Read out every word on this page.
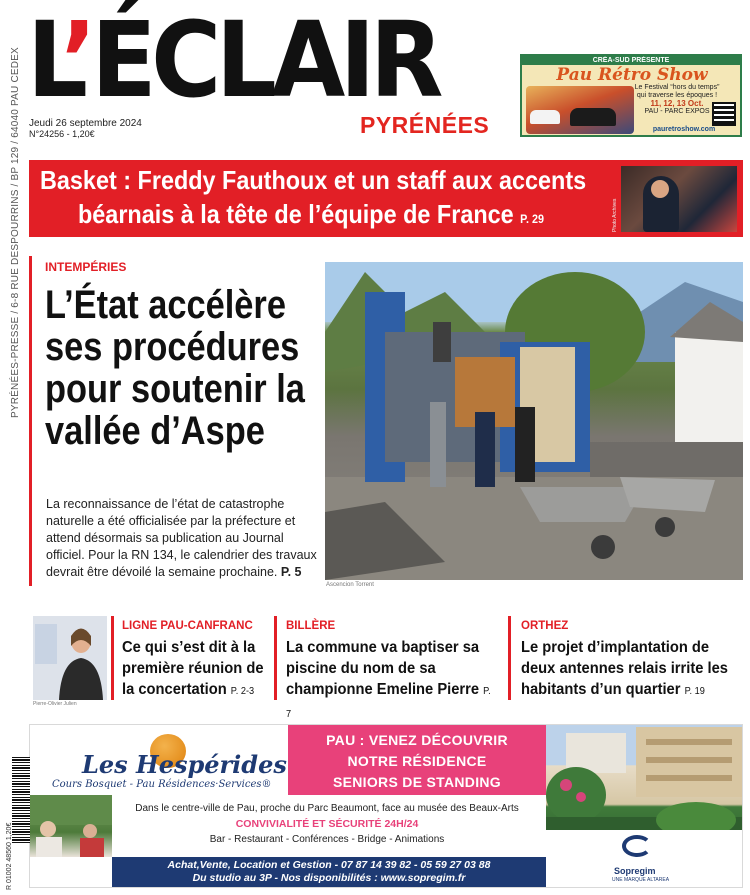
L’ÉCLAIR
PYRÉNÉES
Jeudi 26 septembre 2024
N°24256 - 1,20€
PYRÉNÉES-PRESSE / 6-8 RUE DESPOURRINS / BP 129 / 64040 PAU CEDEX	CRÉA-SUD PRÉSENTE
Pau Rétro Show
Le Festival “hors du temps”
qui traverse les époques !
11, 12, 13 Oct.
PAU - PARC EXPOS
pauretroshow.com
Basket : Freddy Fauthoux et un staff aux accents
béarnais à la tête de l’équipe de France P. 29	Photo Archives
INTEMPÉRIES
L’État accélère ses procédures pour soutenir la vallée d’Aspe
La reconnaissance de l’état de catastrophe naturelle a été officialisée par la préfecture et attend désormais sa publication au Journal officiel. Pour la RN 134, le calendrier des travaux devrait être dévoilé la semaine prochaine. P. 5
Ascencion Torrent
Pierre-Olivier Julien
LIGNE PAU-CANFRANC
Ce qui s’est dit à la première réunion de la concertation P. 2-3
BILLÈRE
La commune va baptiser sa piscine du nom de sa championne Emeline Pierre P. 7
ORTHEZ
Le projet d’implantation de deux antennes relais irrite les habitants d’un quartier P. 19
Les Hespérides
Cours Bosquet - Pau Résidences·Services®
PAU : VENEZ DÉCOUVRIR
NOTRE RÉSIDENCE
SENIORS DE STANDING
Dans le centre-ville de Pau, proche du Parc Beaumont, face au musée des Beaux-Arts
CONVIVIALITÉ ET SÉCURITÉ 24H/24
Bar - Restaurant - Conférences - Bridge - Animations
Achat,Vente, Location et Gestion - 07 87 14 39 82 - 05 59 27 03 88
Du studio au 3P - Nos disponibilités : www.sopregim.fr
Sopregim
UNE MARQUE ALTAREA
R 01002 48560 1,20€
